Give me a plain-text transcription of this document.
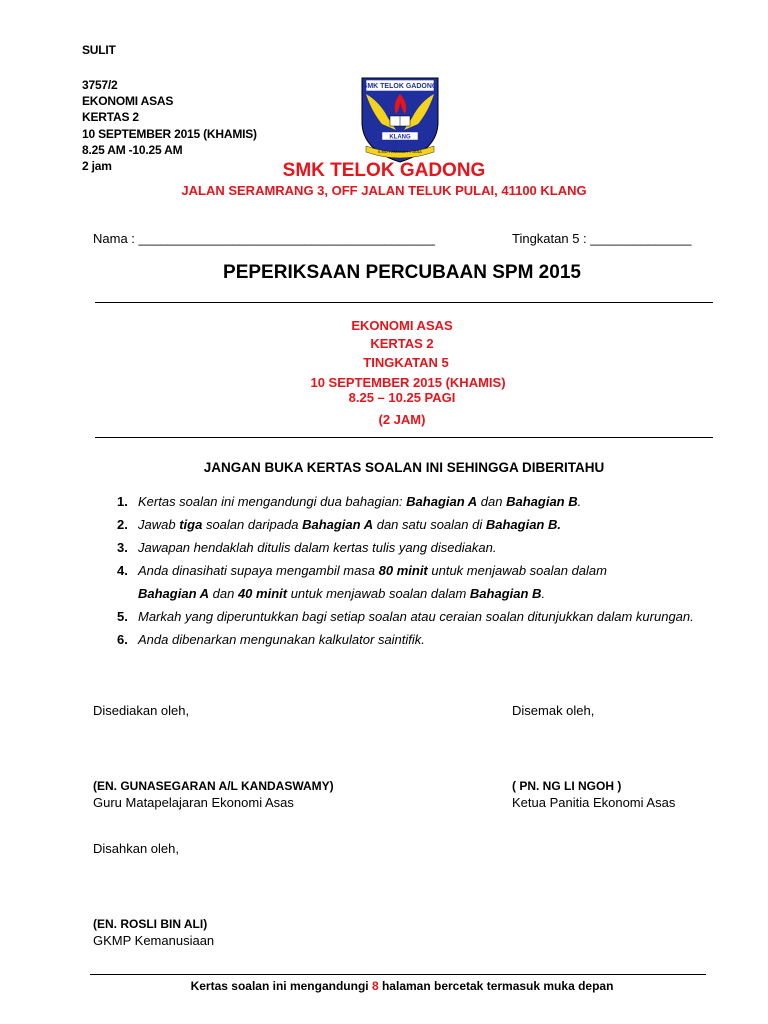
SULIT
3757/2
EKONOMI ASAS
KERTAS 2
10 SEPTEMBER 2015 (KHAMIS)
8.25 AM -10.25 AM
2 jam
SMK TELOK GADONG
KLANG
ILMU • AMANAH • JASA
SMK TELOK GADONG
JALAN SERAMRANG 3, OFF JALAN TELUK PULAI, 41100 KLANG
Nama : _________________________________________	Tingkatan 5 : ______________
PEPERIKSAAN PERCUBAAN SPM 2015
EKONOMI ASAS
KERTAS 2
TINGKATAN 5
10 SEPTEMBER 2015 (KHAMIS)
8.25 – 10.25 PAGI
(2 JAM)
JANGAN BUKA KERTAS SOALAN INI SEHINGGA DIBERITAHU
1. Kertas soalan ini mengandungi dua bahagian: Bahagian A dan Bahagian B.
2. Jawab tiga soalan daripada Bahagian A dan satu soalan di Bahagian B.
3. Jawapan hendaklah ditulis dalam kertas tulis yang disediakan.
4. Anda dinasihati supaya mengambil masa 80 minit untuk menjawab soalan dalam
Bahagian A dan 40 minit untuk menjawab soalan dalam Bahagian B.
5. Markah yang diperuntukkan bagi setiap soalan atau ceraian soalan ditunjukkan dalam kurungan.
6. Anda dibenarkan mengunakan kalkulator saintifik.
Disediakan oleh,	Disemak oleh,
(EN. GUNASEGARAN A/L KANDASWAMY)
Guru Matapelajaran Ekonomi Asas
( PN. NG LI NGOH )
Ketua Panitia Ekonomi Asas
Disahkan oleh,
(EN. ROSLI BIN ALI)
GKMP Kemanusiaan
Kertas soalan ini mengandungi 8 halaman bercetak termasuk muka depan
